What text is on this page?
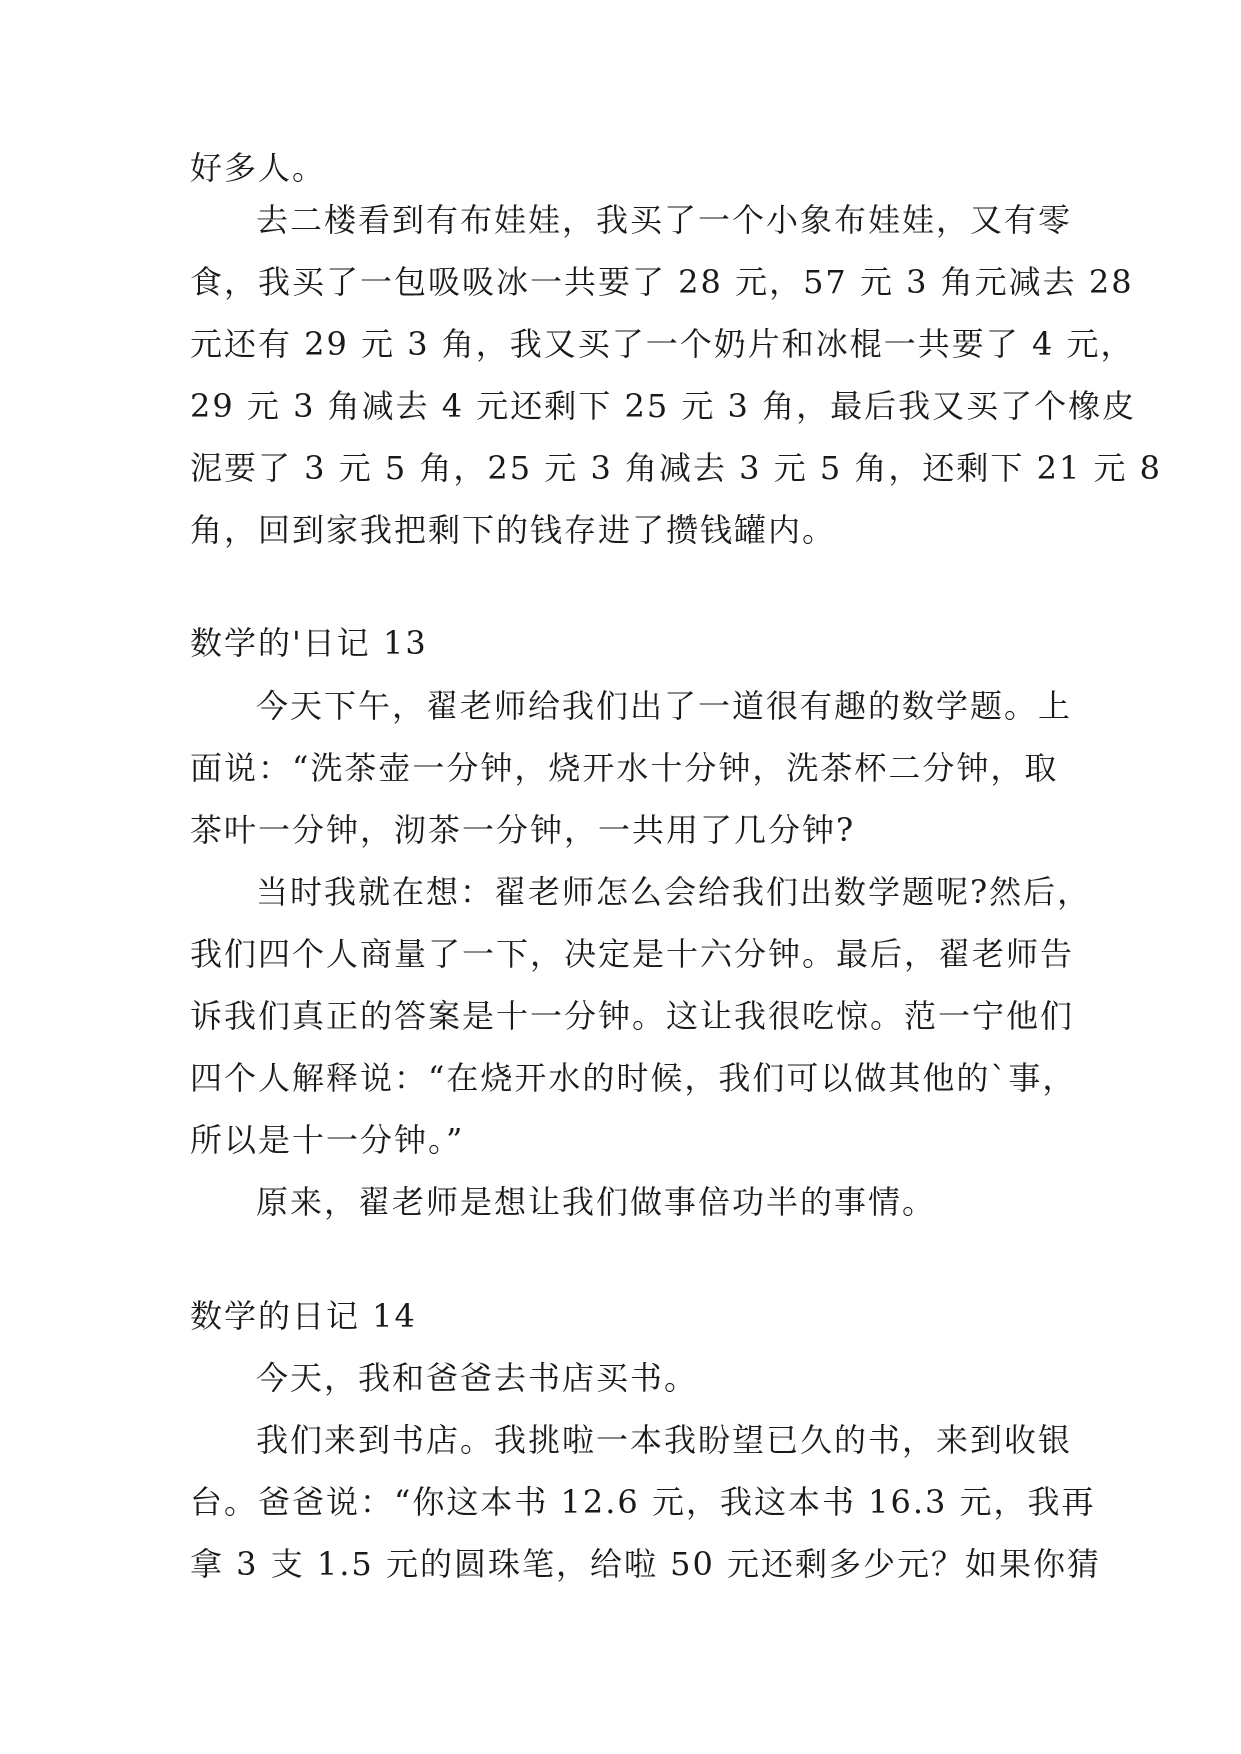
好多人。
去二楼看到有布娃娃，我买了一个小象布娃娃，又有零
食，我买了一包吸吸冰一共要了 28 元，57 元 3 角元减去 28
元还有 29 元 3 角，我又买了一个奶片和冰棍一共要了 4 元，
29 元 3 角减去 4 元还剩下 25 元 3 角，最后我又买了个橡皮
泥要了 3 元 5 角，25 元 3 角减去 3 元 5 角，还剩下 21 元 8
角，回到家我把剩下的钱存进了攒钱罐内。
数学的'日记 13
今天下午，翟老师给我们出了一道很有趣的数学题。上
面说：“洗茶壶一分钟，烧开水十分钟，洗茶杯二分钟，取
茶叶一分钟，沏茶一分钟，一共用了几分钟?
当时我就在想：翟老师怎么会给我们出数学题呢?然后，
我们四个人商量了一下，决定是十六分钟。最后，翟老师告
诉我们真正的答案是十一分钟。这让我很吃惊。范一宁他们
四个人解释说：“在烧开水的时候，我们可以做其他的`事，
所以是十一分钟。”
原来，翟老师是想让我们做事倍功半的事情。
数学的日记 14
今天，我和爸爸去书店买书。
我们来到书店。我挑啦一本我盼望已久的书，来到收银
台。爸爸说：“你这本书 12.6 元，我这本书 16.3 元，我再
拿 3 支 1.5 元的圆珠笔，给啦 50 元还剩多少元？如果你猜
